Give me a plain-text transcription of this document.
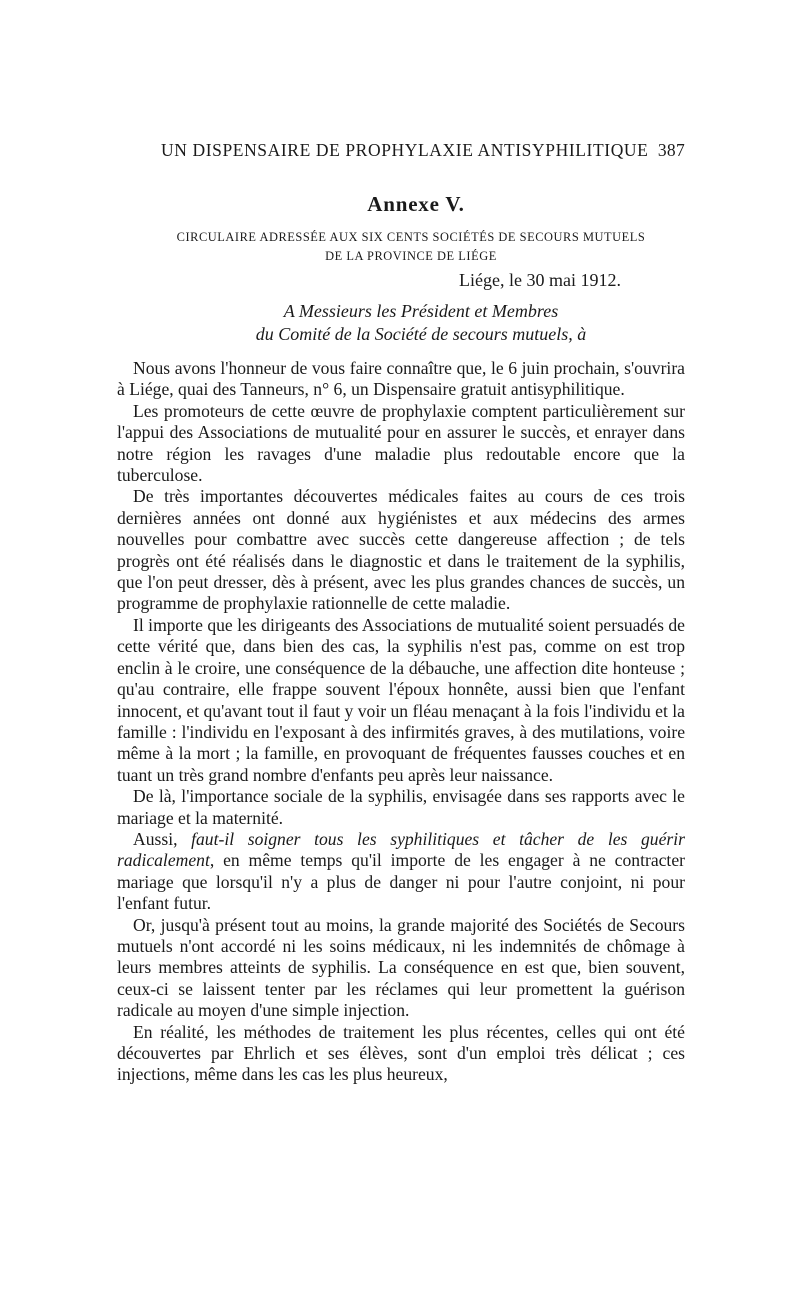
UN DISPENSAIRE DE PROPHYLAXIE ANTISYPHILITIQUE 387
Annexe V.
CIRCULAIRE ADRESSÉE AUX SIX CENTS SOCIÉTÉS DE SECOURS MUTUELS
DE LA PROVINCE DE LIÉGE
Liége, le 30 mai 1912.
A Messieurs les Président et Membres
du Comité de la Société de secours mutuels, à

Nous avons l'honneur de vous faire connaître que, le 6 juin prochain, s'ouvrira à Liége, quai des Tanneurs, n° 6, un Dispensaire gratuit antisyphilitique.

Les promoteurs de cette œuvre de prophylaxie comptent particulièrement sur l'appui des Associations de mutualité pour en assurer le succès, et enrayer dans notre région les ravages d'une maladie plus redoutable encore que la tuberculose.

De très importantes découvertes médicales faites au cours de ces trois dernières années ont donné aux hygiénistes et aux médecins des armes nouvelles pour combattre avec succès cette dangereuse affection ; de tels progrès ont été réalisés dans le diagnostic et dans le traitement de la syphilis, que l'on peut dresser, dès à présent, avec les plus grandes chances de succès, un programme de prophylaxie rationnelle de cette maladie.

Il importe que les dirigeants des Associations de mutualité soient persuadés de cette vérité que, dans bien des cas, la syphilis n'est pas, comme on est trop enclin à le croire, une conséquence de la débauche, une affection dite honteuse ; qu'au contraire, elle frappe souvent l'époux honnête, aussi bien que l'enfant innocent, et qu'avant tout il faut y voir un fléau menaçant à la fois l'individu et la famille : l'individu en l'exposant à des infirmités graves, à des mutilations, voire même à la mort ; la famille, en provoquant de fréquentes fausses couches et en tuant un très grand nombre d'enfants peu après leur naissance.

De là, l'importance sociale de la syphilis, envisagée dans ses rapports avec le mariage et la maternité.

Aussi, faut-il soigner tous les syphilitiques et tâcher de les guérir radicalement, en même temps qu'il importe de les engager à ne contracter mariage que lorsqu'il n'y a plus de danger ni pour l'autre conjoint, ni pour l'enfant futur.

Or, jusqu'à présent tout au moins, la grande majorité des Sociétés de Secours mutuels n'ont accordé ni les soins médicaux, ni les indemnités de chômage à leurs membres atteints de syphilis. La conséquence en est que, bien souvent, ceux-ci se laissent tenter par les réclames qui leur promettent la guérison radicale au moyen d'une simple injection.

En réalité, les méthodes de traitement les plus récentes, celles qui ont été découvertes par Ehrlich et ses élèves, sont d'un emploi très délicat ; ces injections, même dans les cas les plus heureux,
